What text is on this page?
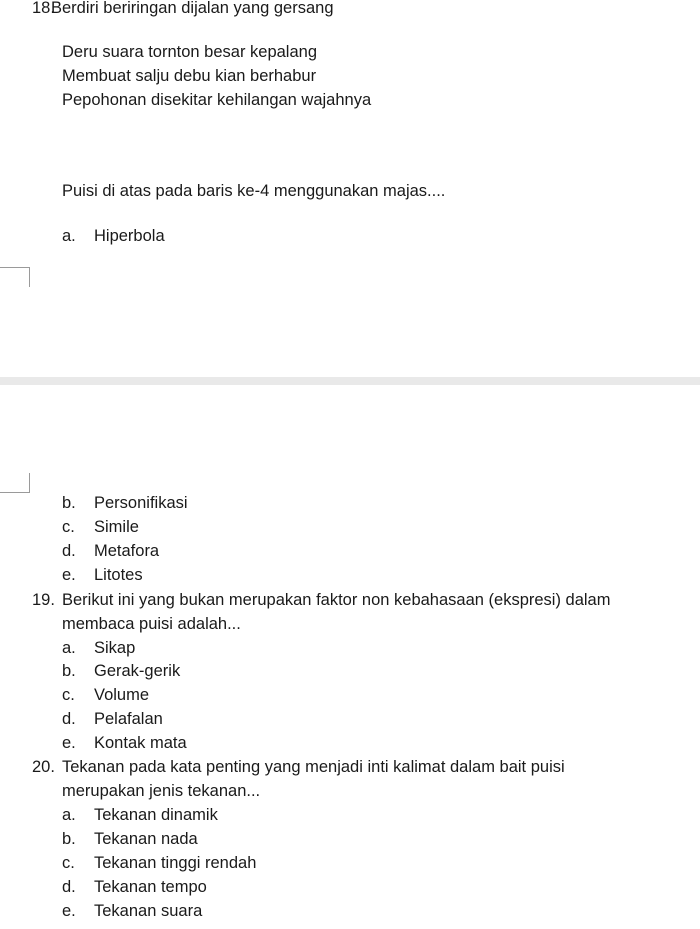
18.
Berdiri beriringan dijalan yang gersang
Deru suara tornton besar kepalang
Membuat salju debu kian berhabur
Pepohonan disekitar kehilangan wajahnya
Puisi di atas pada baris ke-4 menggunakan majas....
a. Hiperbola
b. Personifikasi
c. Simile
d. Metafora
e. Litotes
19. Berikut ini yang bukan merupakan faktor non kebahasaan (ekspresi) dalam
membaca puisi adalah...
a. Sikap
b. Gerak-gerik
c. Volume
d. Pelafalan
e. Kontak mata
20. Tekanan pada kata penting yang menjadi inti kalimat dalam bait puisi
merupakan jenis tekanan...
a. Tekanan dinamik
b. Tekanan nada
c. Tekanan tinggi rendah
d. Tekanan tempo
e. Tekanan suara
